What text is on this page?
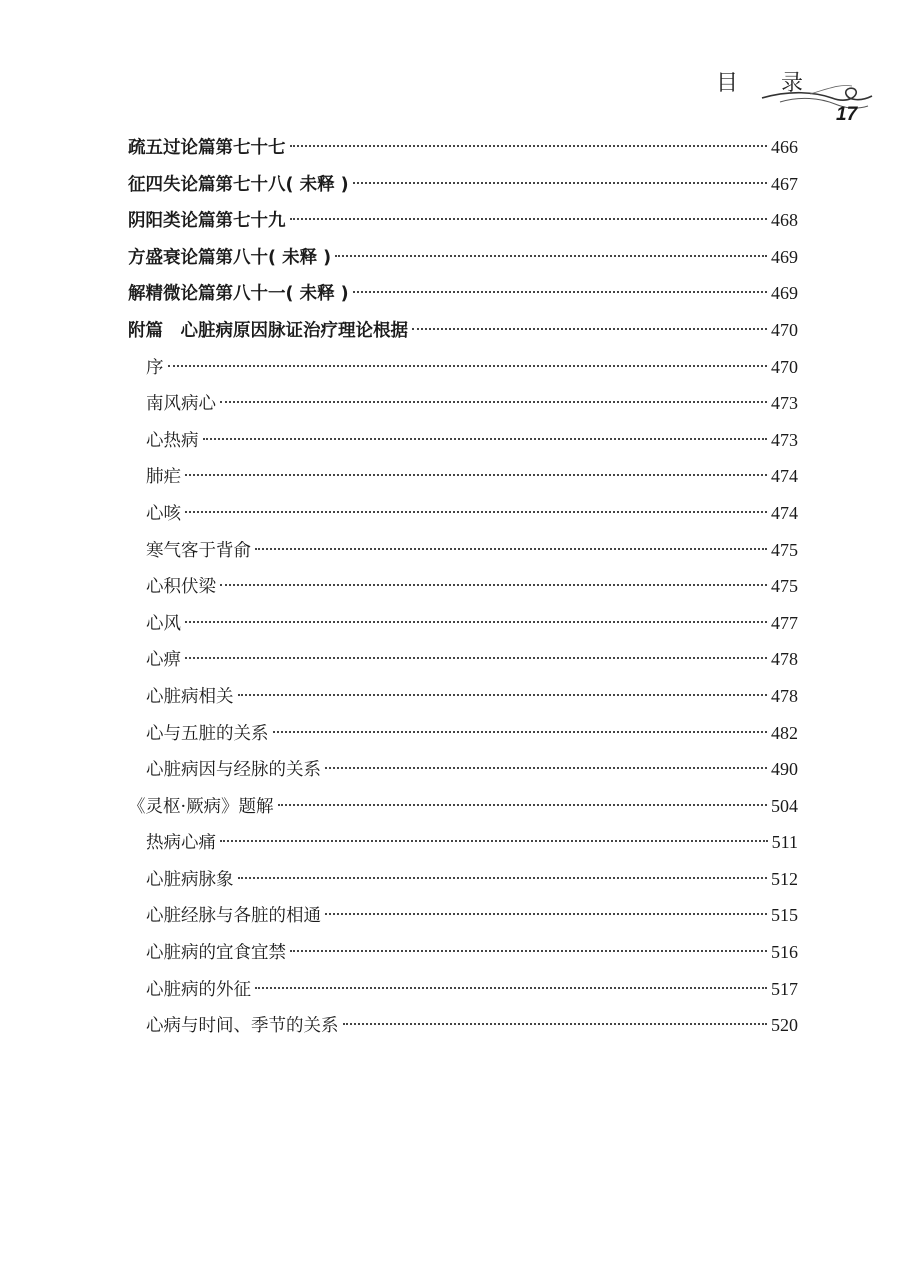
目 录
17
疏五过论篇第七十七	466
征四失论篇第七十八( 未释 )	467
阴阳类论篇第七十九	468
方盛衰论篇第八十( 未释 )	469
解精微论篇第八十一( 未释 )	469
附篇　心脏病原因脉证治疗理论根据	470
序	470
南风病心	473
心热病	473
肺疟	474
心咳	474
寒气客于背俞	475
心积伏梁	475
心风	477
心痹	478
心脏病相关	478
心与五脏的关系	482
心脏病因与经脉的关系	490
《灵枢·厥病》题解	504
热病心痛	511
心脏病脉象	512
心脏经脉与各脏的相通	515
心脏病的宜食宜禁	516
心脏病的外征	517
心病与时间、季节的关系	520
